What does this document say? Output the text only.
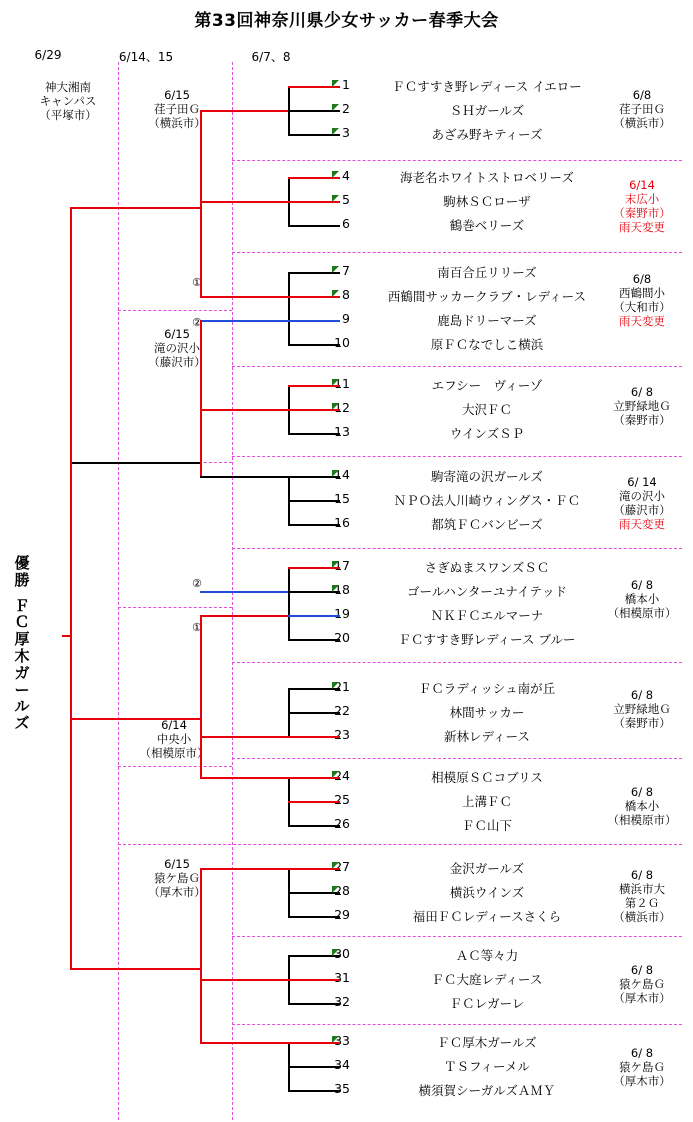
第33回神奈川県少女サッカー春季大会
6/29	6/14、15	6/7、8
優
勝
Ｆ
Ｃ
厚
木
ガ
ー
ル
ズ
神大湘南
キャンパス
（平塚市）
6/15
荏子田Ｇ
（横浜市）
6/15
滝の沢小
（藤沢市）
6/14
中央小
（相模原市）
6/15
猿ケ島Ｇ
（厚木市）
6/8
荏子田Ｇ
（横浜市）
6/14
末広小
（秦野市）
雨天変更
6/8
西鶴間小
（大和市）
雨天変更
6/ 8
立野緑地Ｇ
（秦野市）
6/ 14
滝の沢小
（藤沢市）
雨天変更
6/ 8
橋本小
（相模原市）
6/ 8
立野緑地Ｇ
（秦野市）
6/ 8
橋本小
（相模原市）
6/ 8
横浜市大
第２Ｇ
（横浜市）
6/ 8
猿ケ島Ｇ
（厚木市）
6/ 8
猿ケ島Ｇ
（厚木市）
①
②
②
①
1	ＦＣすすき野レディース イエロー
2	ＳＨガールズ
3	あざみ野キティーズ
4	海老名ホワイトストロベリーズ
5	駒林ＳＣローザ
6	鶴巻ベリーズ
7	南百合丘リリーズ
8	西鶴間サッカークラブ・レディース
9	鹿島ドリーマーズ
10	原ＦＣなでしこ横浜
11	エフシー　ヴィーゾ
12	大沢ＦＣ
13	ウインズＳＰ
14	駒寄滝の沢ガールズ
15	ＮＰＯ法人川崎ウィングス・ＦＣ
16	都筑ＦＣバンビーズ
17	さぎぬまスワンズＳＣ
18	ゴールハンターユナイテッド
19	ＮＫＦＣエルマーナ
20	ＦＣすすき野レディース ブルー
21	ＦＣラディッシュ南が丘
22	林間サッカー
23	新林レディース
24	相模原ＳＣコブリス
25	上溝ＦＣ
26	ＦＣ山下
27	金沢ガールズ
28	横浜ウインズ
29	福田ＦＣレディースさくら
30	ＡＣ等々力
31	ＦＣ大庭レディース
32	ＦＣレガーレ
33	ＦＣ厚木ガールズ
34	ＴＳフィーメル
35	横須賀シーガルズＡＭＹ
